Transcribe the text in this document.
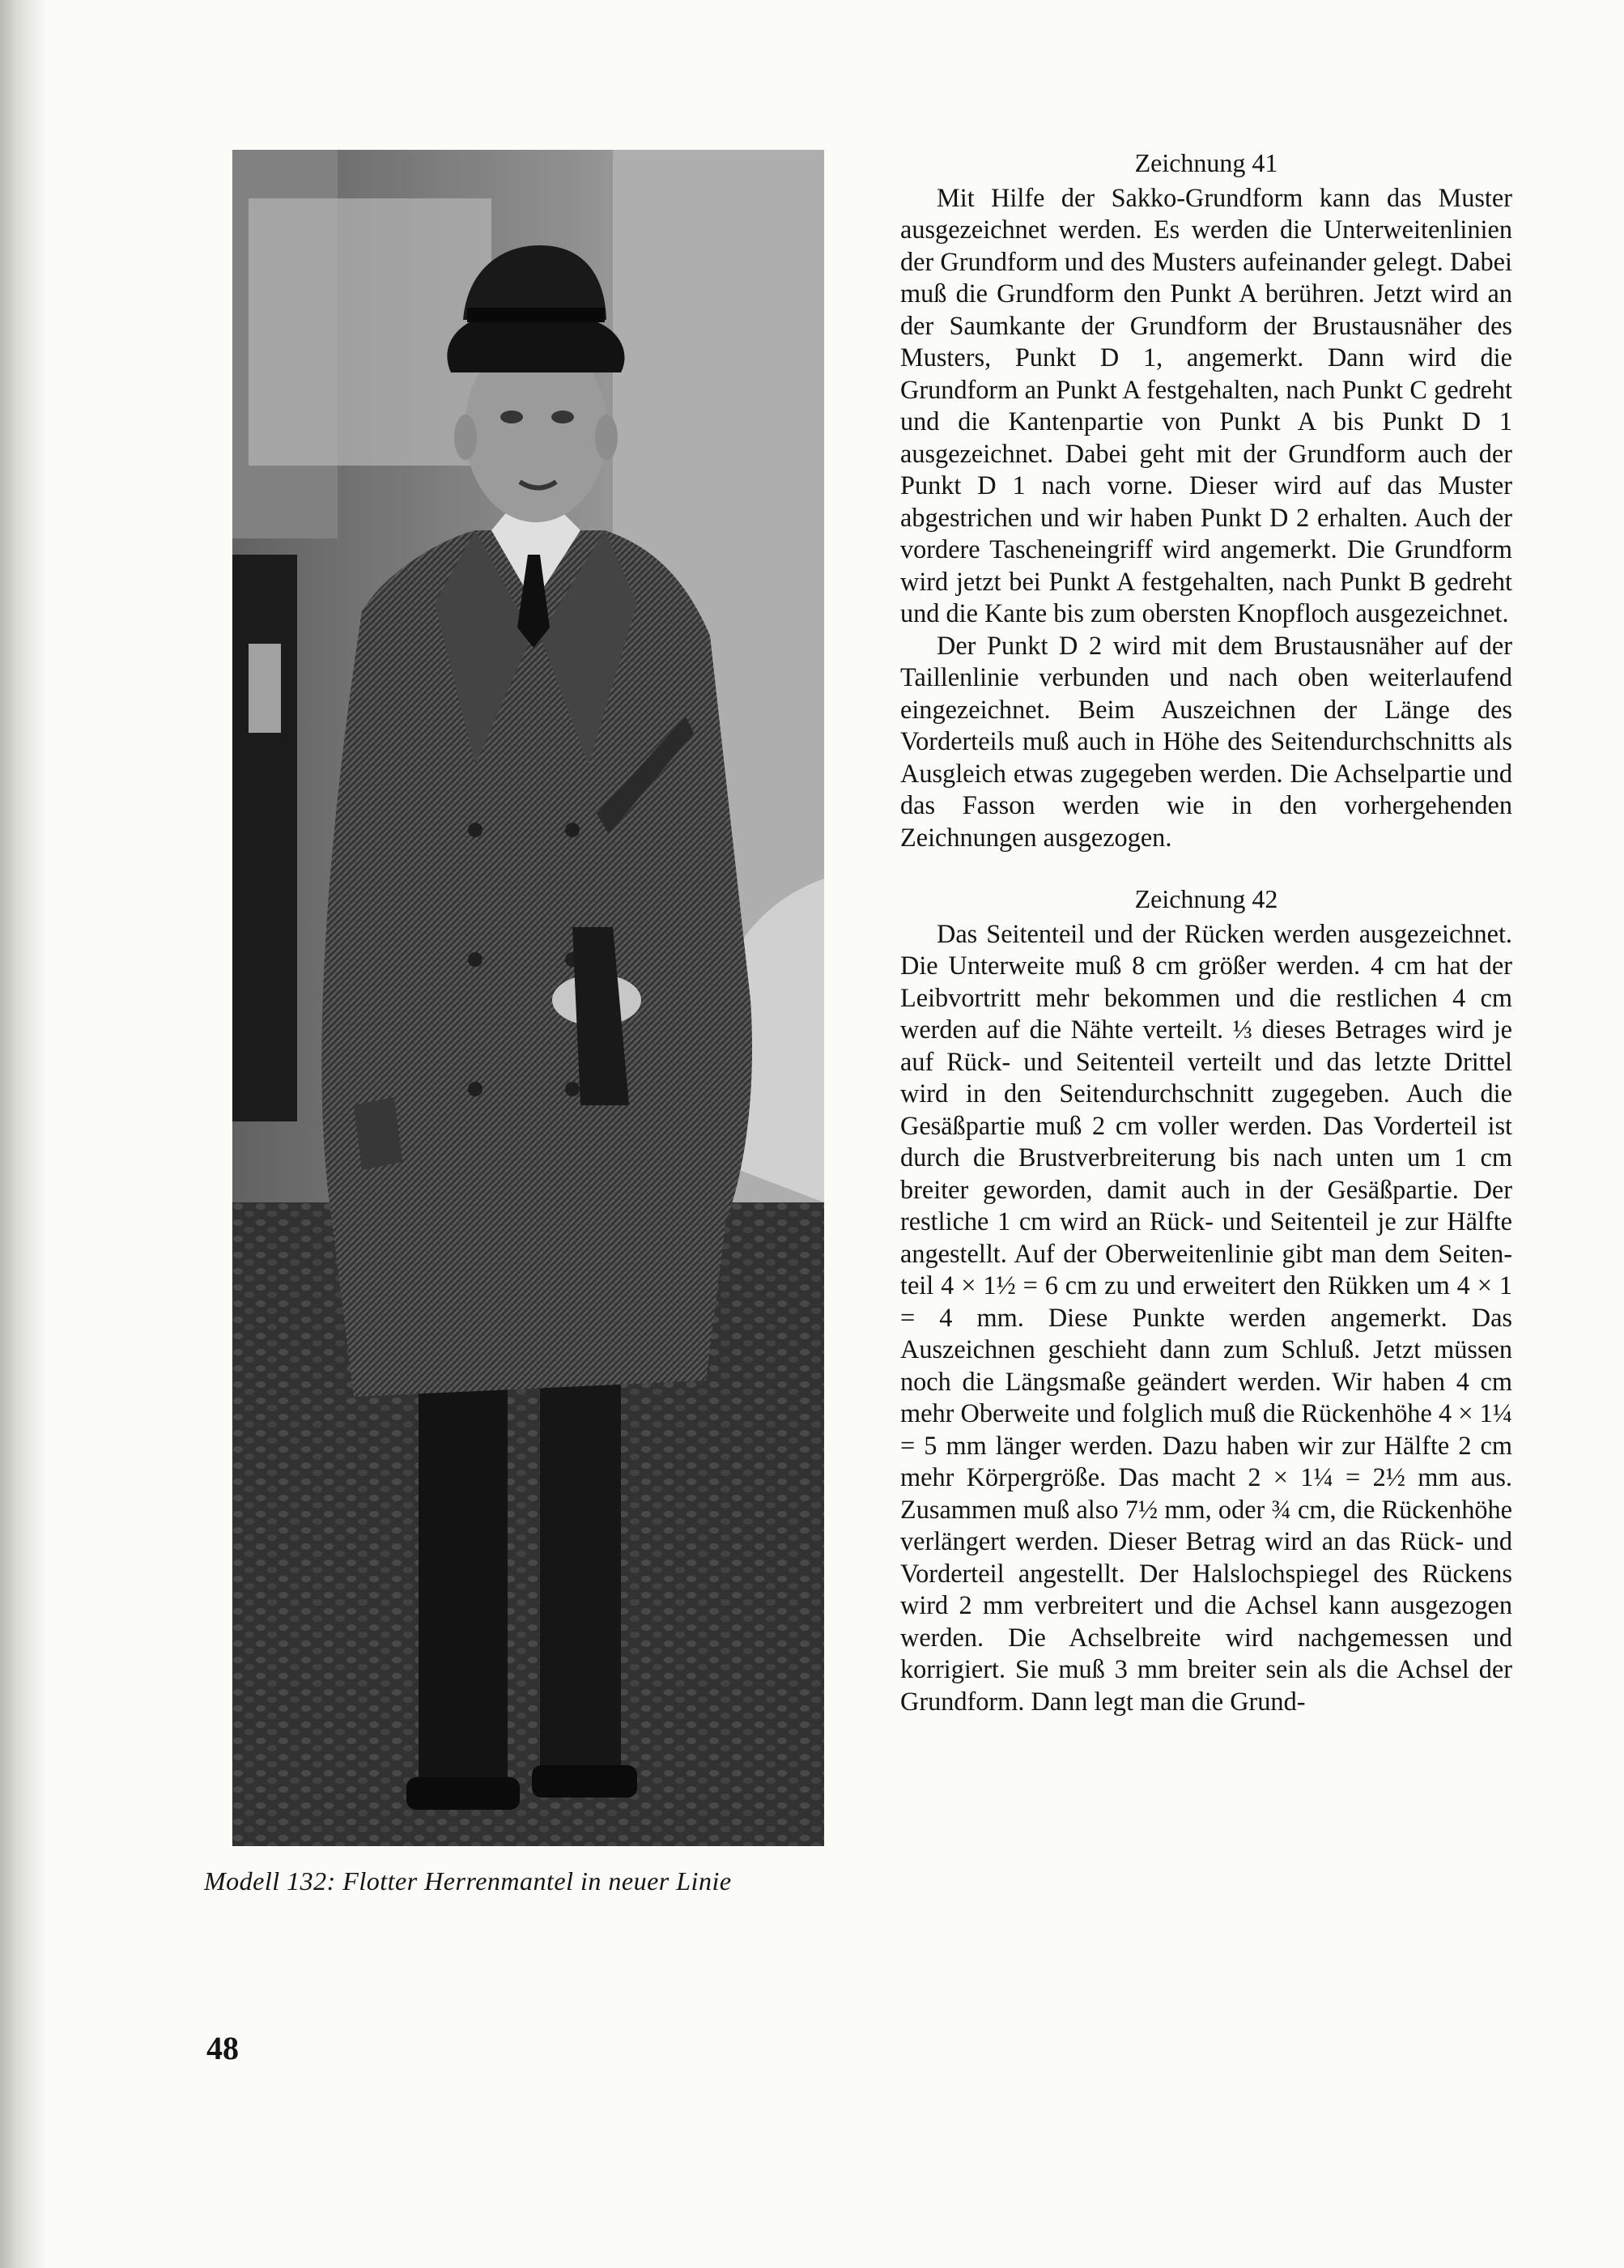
Modell 132: Flotter Herrenmantel in neuer Linie
Zeichnung 41

Mit Hilfe der Sakko-Grundform kann das Muster ausgezeichnet werden. Es werden die Unterweitenlinien der Grundform und des Musters aufeinander gelegt. Dabei muß die Grundform den Punkt A berühren. Jetzt wird an der Saumkante der Grundform der Brustausnäher des Musters, Punkt D 1, angemerkt. Dann wird die Grundform an Punkt A festgehalten, nach Punkt C gedreht und die Kantenpartie von Punkt A bis Punkt D 1 ausgezeichnet. Dabei geht mit der Grundform auch der Punkt D 1 nach vorne. Dieser wird auf das Muster abgestrichen und wir haben Punkt D 2 erhalten. Auch der vordere Tascheneingriff wird angemerkt. Die Grundform wird jetzt bei Punkt A festgehalten, nach Punkt B gedreht und die Kante bis zum obersten Knopfloch ausgezeichnet.

Der Punkt D 2 wird mit dem Brustausnäher auf der Taillenlinie verbunden und nach oben weiterlaufend eingezeichnet. Beim Auszeichnen der Länge des Vorderteils muß auch in Höhe des Seitendurchschnitts als Ausgleich etwas zugegeben werden. Die Achselpartie und das Fasson werden wie in den vorhergehenden Zeichnungen ausgezogen.

Zeichnung 42

Das Seitenteil und der Rücken werden ausgezeichnet. Die Unterweite muß 8 cm größer werden. 4 cm hat der Leibvortritt mehr bekommen und die restlichen 4 cm werden auf die Nähte verteilt. ⅓ dieses Betrages wird je auf Rück- und Seitenteil verteilt und das letzte Drittel wird in den Seitendurchschnitt zugegeben. Auch die Gesäßpartie muß 2 cm voller werden. Das Vorderteil ist durch die Brustverbreiterung bis nach unten um 1 cm breiter geworden, damit auch in der Gesäßpartie. Der restliche 1 cm wird an Rück- und Seitenteil je zur Hälfte angestellt. Auf der Oberweitenlinie gibt man dem Seitenteil 4 × 1½ = 6 cm zu und erweitert den Rükken um 4 × 1 = 4 mm. Diese Punkte werden angemerkt. Das Auszeichnen geschieht dann zum Schluß. Jetzt müssen noch die Längsmaße geändert werden. Wir haben 4 cm mehr Oberweite und folglich muß die Rückenhöhe 4 × 1¼ = 5 mm länger werden. Dazu haben wir zur Hälfte 2 cm mehr Körpergröße. Das macht 2 × 1¼ = 2½ mm aus. Zusammen muß also 7½ mm, oder ¾ cm, die Rückenhöhe verlängert werden. Dieser Betrag wird an das Rück- und Vorderteil angestellt. Der Halslochspiegel des Rückens wird 2 mm verbreitert und die Achsel kann ausgezogen werden. Die Achselbreite wird nachgemessen und korrigiert. Sie muß 3 mm breiter sein als die Achsel der Grundform. Dann legt man die Grund-

48
